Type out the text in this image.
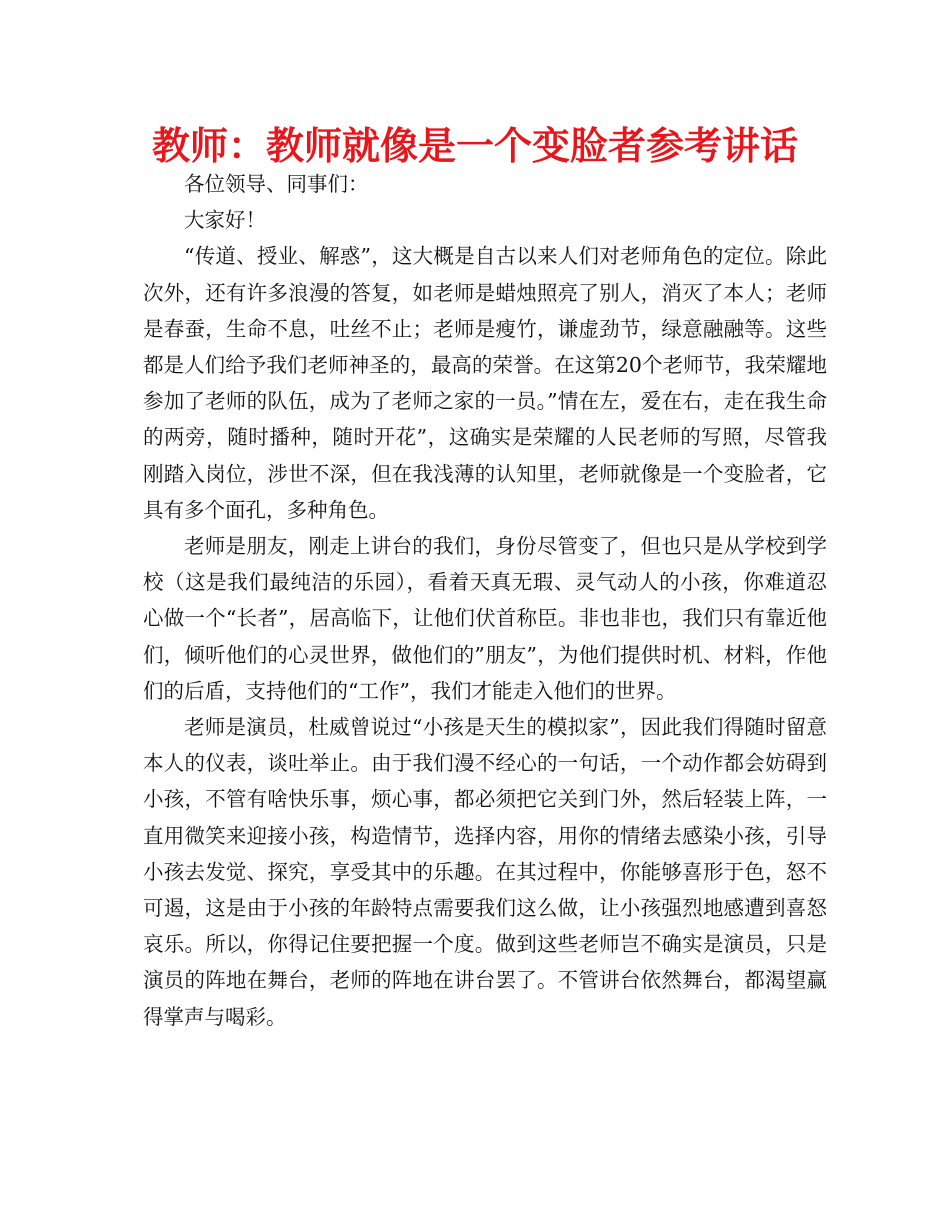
教师：教师就像是一个变脸者参考讲话

各位领导、同事们：

大家好！

“传道、授业、解惑”，这大概是自古以来人们对老师角色的定位。除此次外，还有许多浪漫的答复，如老师是蜡烛照亮了别人，消灭了本人；老师是春蚕，生命不息，吐丝不止；老师是瘦竹，谦虚劲节，绿意融融等。这些都是人们给予我们老师神圣的，最高的荣誉。在这第20个老师节，我荣耀地参加了老师的队伍，成为了老师之家的一员。”情在左，爱在右，走在我生命的两旁，随时播种，随时开花”，这确实是荣耀的人民老师的写照，尽管我刚踏入岗位，涉世不深，但在我浅薄的认知里，老师就像是一个变脸者，它具有多个面孔，多种角色。

老师是朋友，刚走上讲台的我们，身份尽管变了，但也只是从学校到学校（这是我们最纯洁的乐园），看着天真无瑕、灵气动人的小孩，你难道忍心做一个“长者”，居高临下，让他们伏首称臣。非也非也，我们只有靠近他们，倾听他们的心灵世界，做他们的”朋友”，为他们提供时机、材料，作他们的后盾，支持他们的“工作”，我们才能走入他们的世界。

老师是演员，杜威曾说过“小孩是天生的模拟家”，因此我们得随时留意本人的仪表，谈吐举止。由于我们漫不经心的一句话，一个动作都会妨碍到小孩，不管有啥快乐事，烦心事，都必须把它关到门外，然后轻装上阵，一直用微笑来迎接小孩，构造情节，选择内容，用你的情绪去感染小孩，引导小孩去发觉、探究，享受其中的乐趣。在其过程中，你能够喜形于色，怒不可遏，这是由于小孩的年龄特点需要我们这么做，让小孩强烈地感遭到喜怒哀乐。所以，你得记住要把握一个度。做到这些老师岂不确实是演员，只是演员的阵地在舞台，老师的阵地在讲台罢了。不管讲台依然舞台，都渴望赢得掌声与喝彩。
